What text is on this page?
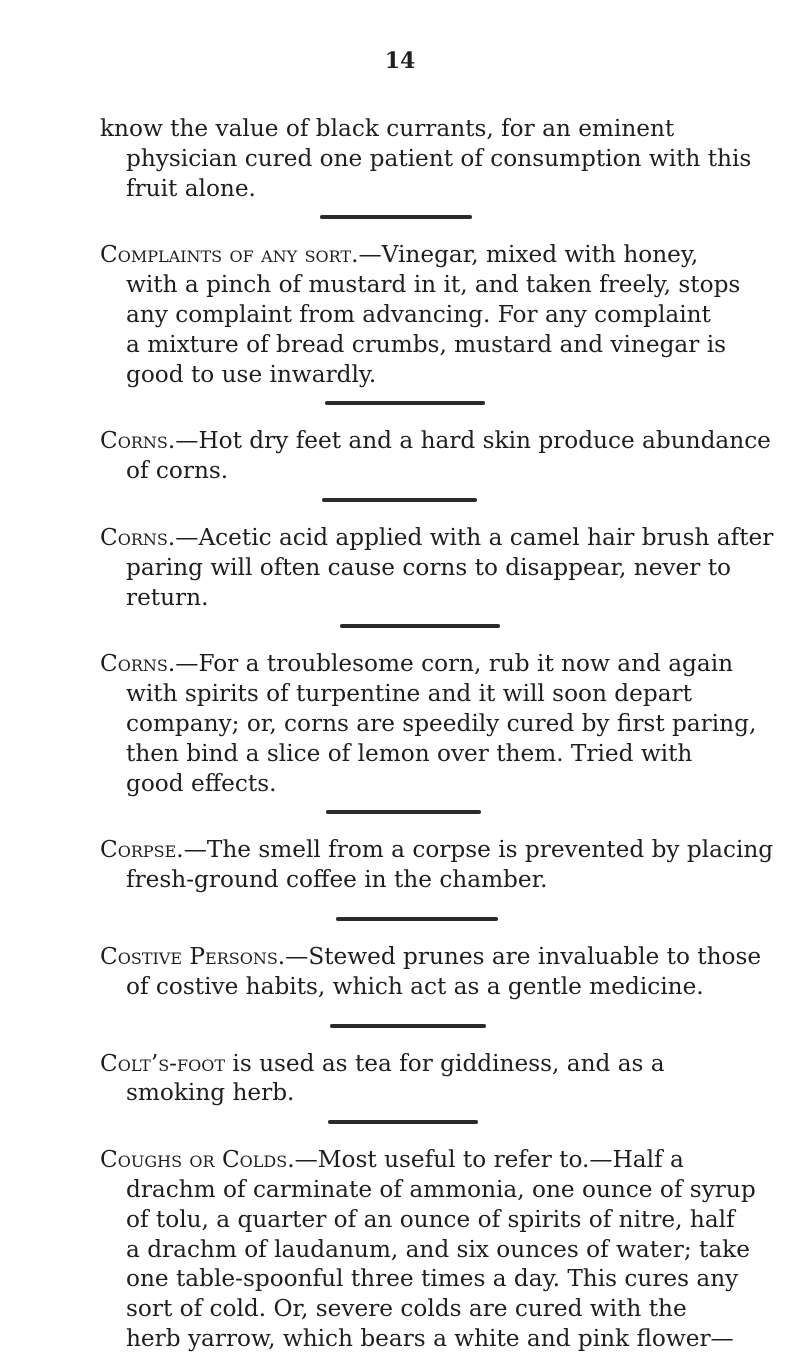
14
know the value of black currants, for an eminent
physician cured one patient of consumption with this
fruit alone.
Complaints of any sort.—Vinegar, mixed with honey,
with a pinch of mustard in it, and taken freely, stops
any complaint from advancing. For any complaint
a mixture of bread crumbs, mustard and vinegar is
good to use inwardly.
Corns.—Hot dry feet and a hard skin produce abundance
of corns.
Corns.—Acetic acid applied with a camel hair brush after
paring will often cause corns to disappear, never to
return.
Corns.—For a troublesome corn, rub it now and again
with spirits of turpentine and it will soon depart
company; or, corns are speedily cured by first paring,
then bind a slice of lemon over them. Tried with
good effects.
Corpse.—The smell from a corpse is prevented by placing
fresh-ground coffee in the chamber.
Costive Persons.—Stewed prunes are invaluable to those
of costive habits, which act as a gentle medicine.
Colt’s-foot is used as tea for giddiness, and as a
smoking herb.
Coughs or Colds.—Most useful to refer to.—Half a
drachm of carminate of ammonia, one ounce of syrup
of tolu, a quarter of an ounce of spirits of nitre, half
a drachm of laudanum, and six ounces of water; take
one table-spoonful three times a day. This cures any
sort of cold. Or, severe colds are cured with the
herb yarrow, which bears a white and pink flower—
